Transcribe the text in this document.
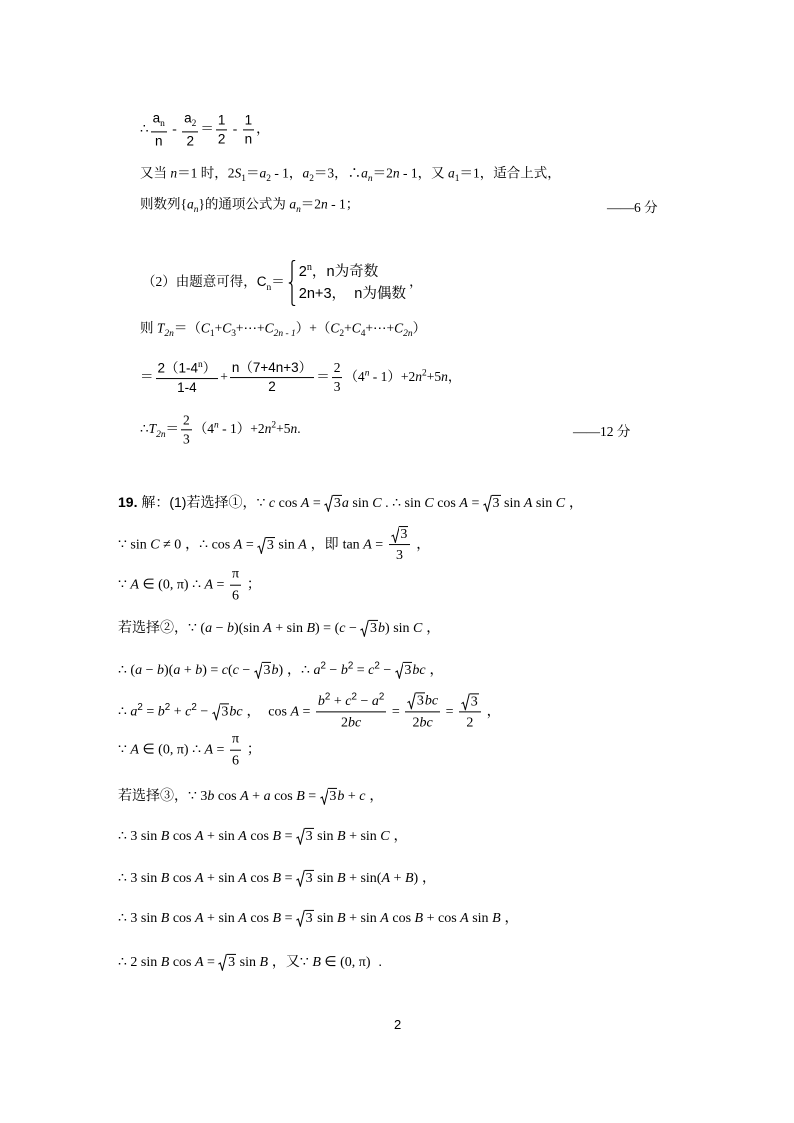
∴ $\frac{a_n}{n} - \frac{a_2}{2} = \frac{1}{2} - \frac{1}{n}$ ，
又当 n＝1 时，$2S_1=a_2 - 1$，$a_2=3$，$\therefore a_n=2n - 1$，又 $a_1=1$，适合上式，
则数列$\{a_n\}$的通项公式为 $a_n=2n - 1$；	——6 分
（2）由题意可得，$C_n=$
$2^n$，n为奇数
2n+3，  n为偶数
，
则 $T_{2n}=(C_1+C_3+\cdots+C_{2n - 1})+(C_2+C_4+\cdots+C_{2n})$
＝ $\frac{2(1-4^n)}{1-4} + \frac{n(7+4n+3)}{2} = \frac{2}{3} (4^n - 1)+2n^2+5n$，
$\therefore T_{2n}= \frac{2}{3} (4^n - 1)+2n^2+5n$.	——12 分
19. 解：(1)若选择①，∵ c cos A =
3a sin C . ∴ sin C cos A =
3 sin A sin C ，
∵ sin C ≠ 0 ，∴ cos A =
3 sin A ，即 $\tan A = \frac{3}{3}$ ，
∵ A ∈ (0, π) ∴ $A = \frac{\pi}{6}$ ；
若选择②，∵ (a − b)(sin A + sin B) = (c −
3b) sin C ，
∴ (a − b)(a + b) = c(c −
3b) ，∴ $a^2 - b^2 = c^2$ −
3bc ，
∴ $a^2 = b^2 + c^2$ −
3bc ，  $\cos A = \frac{b^2 + c^2 - a^2}{2bc} = \frac{3bc}{2bc} = \frac{3}{2}$ ，
∵ A ∈ (0, π) ∴ $A = \frac{\pi}{6}$ ；
若选择③，∵ 3b cos A + a cos B =
3b + c ，
∴ 3 sin B cos A + sin A cos B =
3 sin B + sin C ，
∴ 3 sin B cos A + sin A cos B =
3 sin B + sin(A + B) ，
∴ 3 sin B cos A + sin A cos B =
3 sin B + sin A cos B + cos A sin B ，
∴ 2 sin B cos A =
3 sin B ，又∵ B ∈ (0, π)  .
2
